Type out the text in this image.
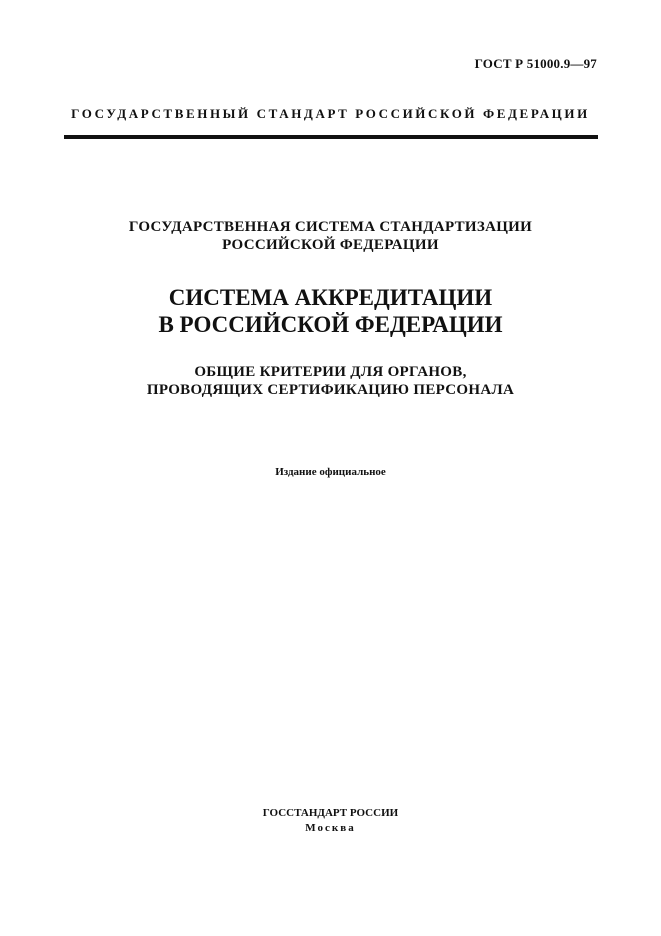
ГОСТ Р 51000.9—97
ГОСУДАРСТВЕННЫЙ СТАНДАРТ РОССИЙСКОЙ ФЕДЕРАЦИИ
ГОСУДАРСТВЕННАЯ СИСТЕМА СТАНДАРТИЗАЦИИ
РОССИЙСКОЙ ФЕДЕРАЦИИ
СИСТЕМА АККРЕДИТАЦИИ
В РОССИЙСКОЙ ФЕДЕРАЦИИ
ОБЩИЕ КРИТЕРИИ ДЛЯ ОРГАНОВ,
ПРОВОДЯЩИХ СЕРТИФИКАЦИЮ ПЕРСОНАЛА
Издание официальное
ГОССТАНДАРТ РОССИИ
Москва
